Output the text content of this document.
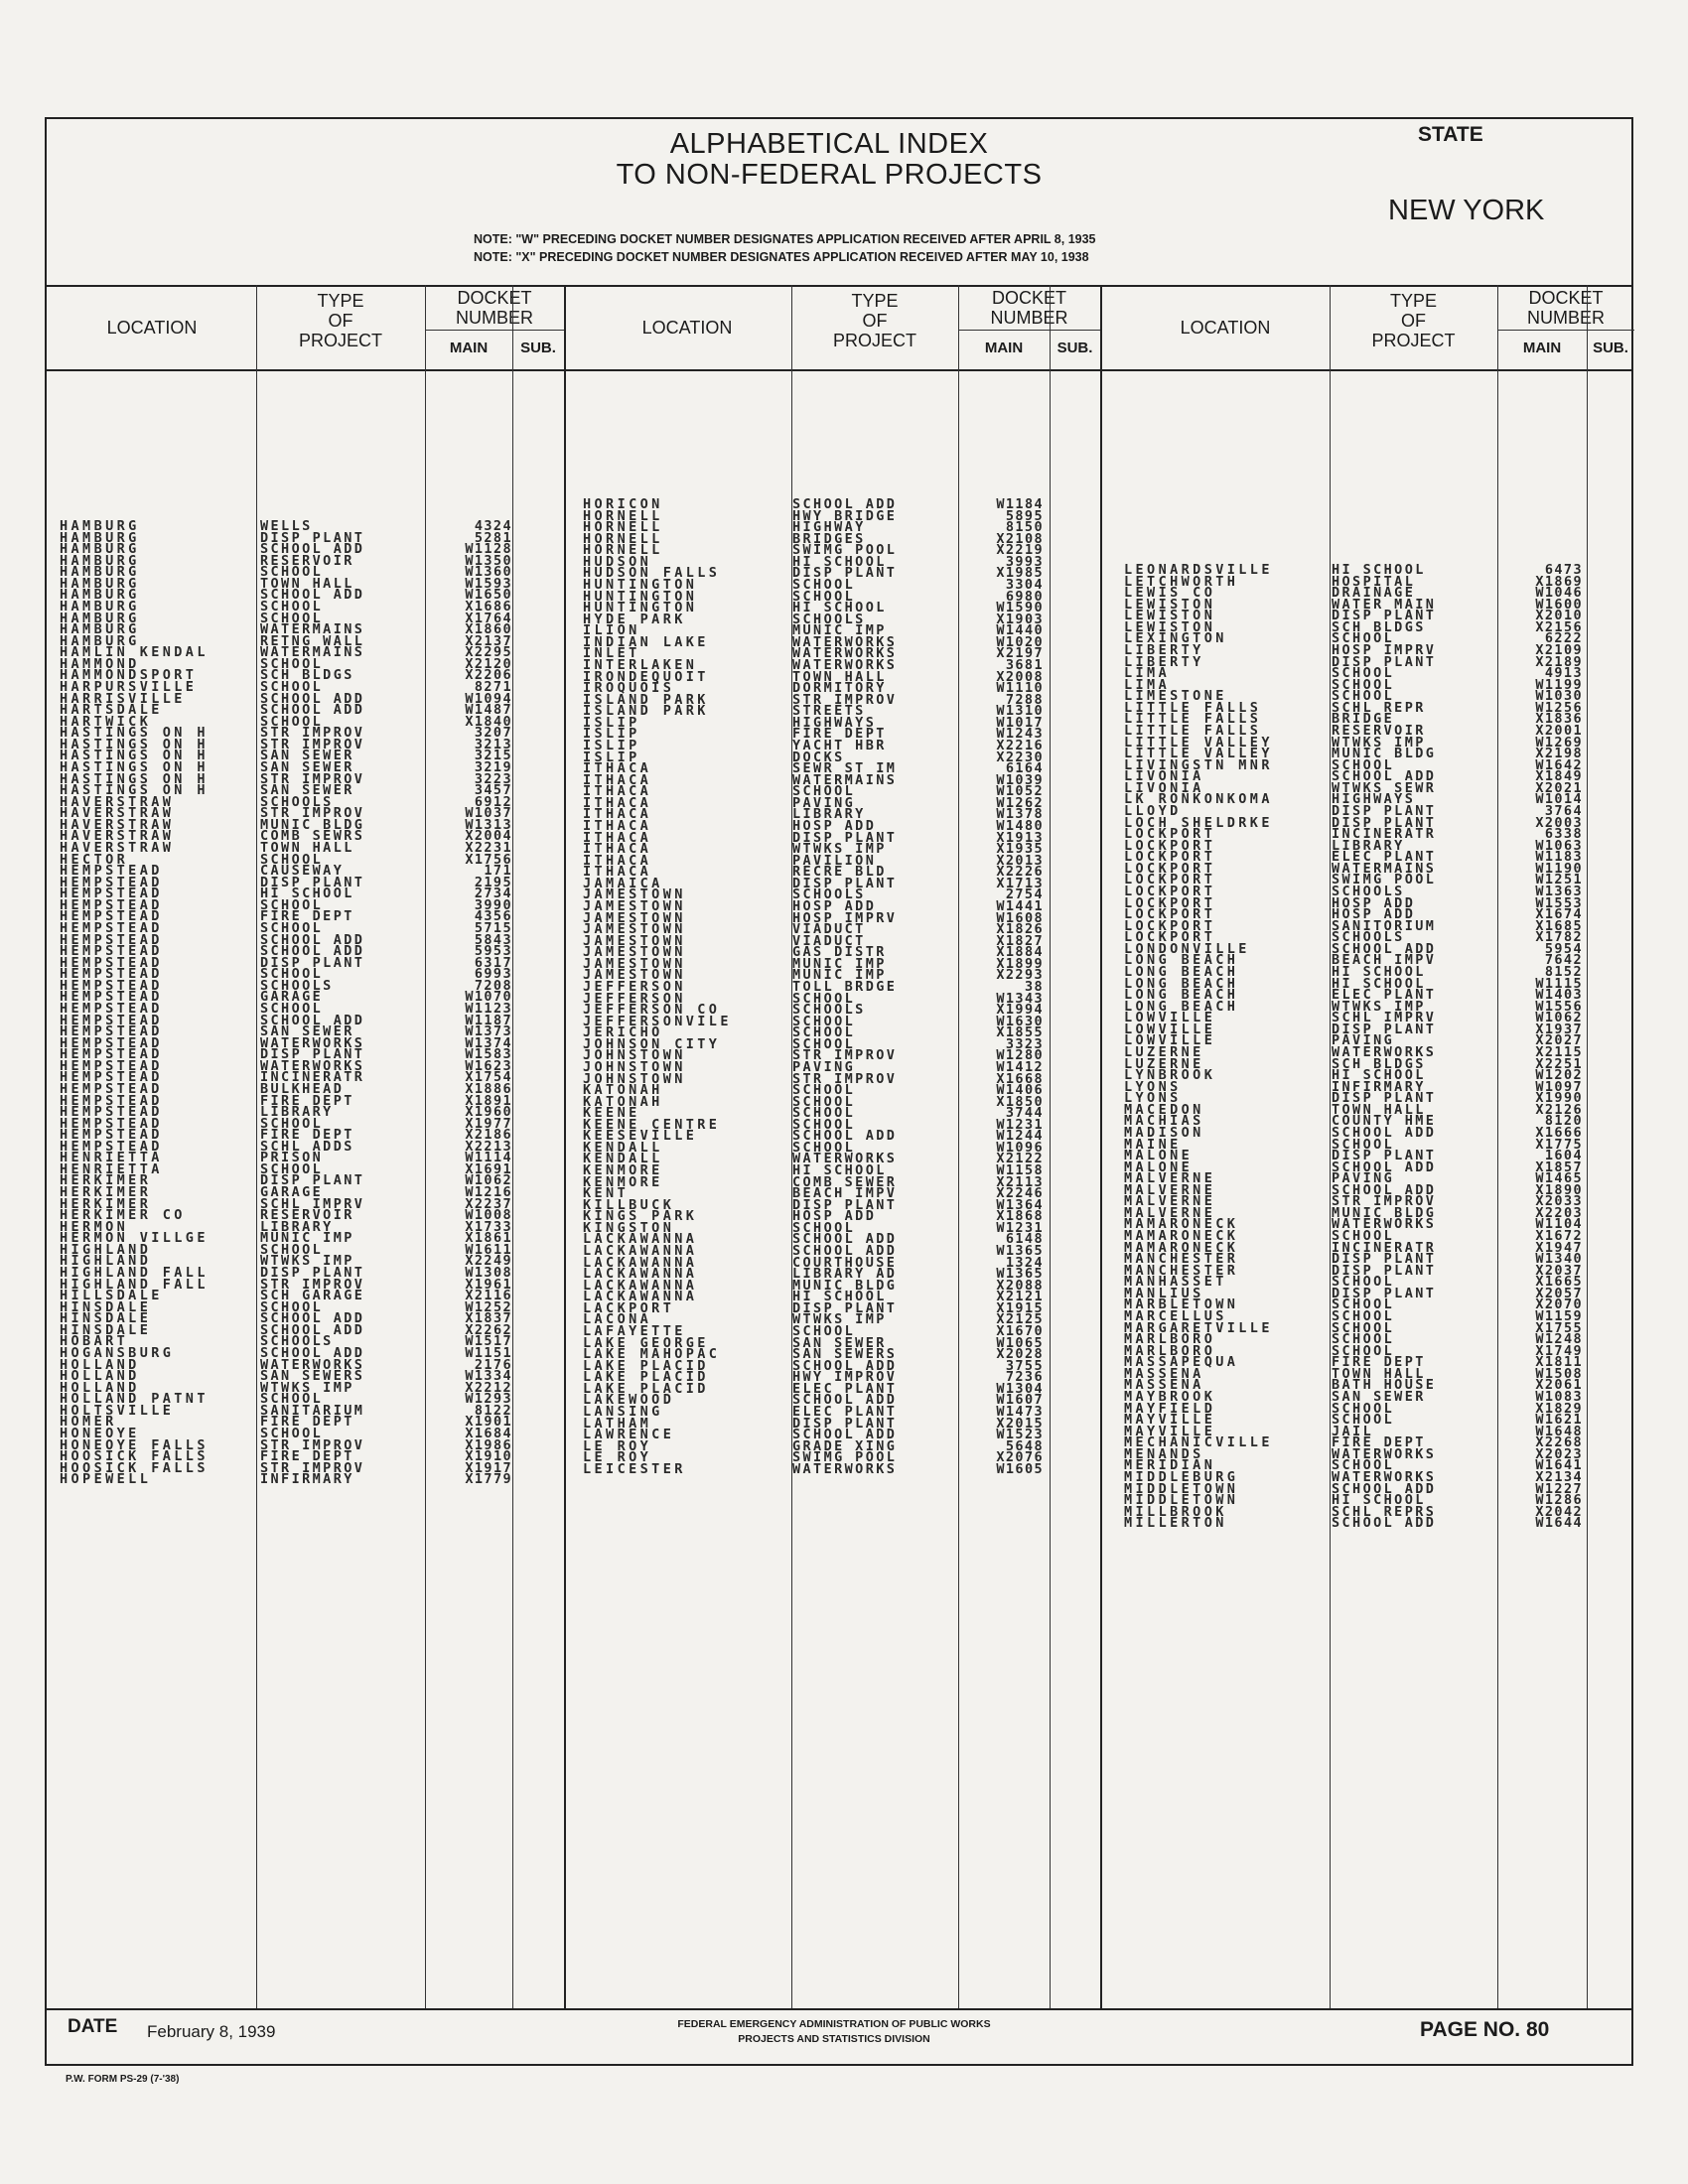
ALPHABETICAL INDEX
TO NON-FEDERAL PROJECTS
STATE
NEW YORK
NOTE: "W" PRECEDING DOCKET NUMBER DESIGNATES APPLICATION RECEIVED AFTER APRIL 8, 1935
NOTE: "X" PRECEDING DOCKET NUMBER DESIGNATES APPLICATION RECEIVED AFTER MAY 10, 1938
LOCATION
TYPE
OF
PROJECT
DOCKET
NUMBER
MAIN	SUB.
LOCATION
TYPE
OF
PROJECT
DOCKET
NUMBER
MAIN	SUB.
LOCATION
TYPE
OF
PROJECT
DOCKET
NUMBER
MAIN	SUB.
HAMBURG	WELLS	4324
HAMBURG	DISP PLANT	5281
HAMBURG	SCHOOL ADD	W1128
HAMBURG	RESERVOIR	W1350
HAMBURG	SCHOOL	W1360
HAMBURG	TOWN HALL	W1593
HAMBURG	SCHOOL ADD	W1650
HAMBURG	SCHOOL	X1686
HAMBURG	SCHOOL	X1764
HAMBURG	WATERMAINS	X1860
HAMBURG	RETNG WALL	X2137
HAMLIN KENDAL	WATERMAINS	X2295
HAMMOND	SCHOOL	X2120
HAMMONDSPORT	SCH BLDGS	X2206
HARPURSVILLE	SCHOOL	8271
HARRISVILLE	SCHOOL ADD	W1094
HARTSDALE	SCHOOL ADD	W1487
HARTWICK	SCHOOL	X1840
HASTINGS ON H	STR IMPROV	3207
HASTINGS ON H	STR IMPROV	3213
HASTINGS ON H	SAN SEWER	3215
HASTINGS ON H	SAN SEWER	3219
HASTINGS ON H	STR IMPROV	3223
HASTINGS ON H	SAN SEWER	3457
HAVERSTRAW	SCHOOLS	6912
HAVERSTRAW	STR IMPROV	W1037
HAVERSTRAW	MUNIC BLDG	W1313
HAVERSTRAW	COMB SEWRS	X2004
HAVERSTRAW	TOWN HALL	X2231
HECTOR	SCHOOL	X1756
HEMPSTEAD	CAUSEWAY	171
HEMPSTEAD	DISP PLANT	2195
HEMPSTEAD	HI SCHOOL	2734
HEMPSTEAD	SCHOOL	3990
HEMPSTEAD	FIRE DEPT	4356
HEMPSTEAD	SCHOOL	5715
HEMPSTEAD	SCHOOL ADD	5843
HEMPSTEAD	SCHOOL ADD	5953
HEMPSTEAD	DISP PLANT	6317
HEMPSTEAD	SCHOOL	6993
HEMPSTEAD	SCHOOLS	7208
HEMPSTEAD	GARAGE	W1070
HEMPSTEAD	SCHOOL	W1123
HEMPSTEAD	SCHOOL ADD	W1187
HEMPSTEAD	SAN SEWER	W1373
HEMPSTEAD	WATERWORKS	W1374
HEMPSTEAD	DISP PLANT	W1583
HEMPSTEAD	WATERWORKS	W1623
HEMPSTEAD	INCINERATR	X1754
HEMPSTEAD	BULKHEAD	X1886
HEMPSTEAD	FIRE DEPT	X1891
HEMPSTEAD	LIBRARY	X1960
HEMPSTEAD	SCHOOL	X1977
HEMPSTEAD	FIRE DEPT	X2186
HEMPSTEAD	SCHL ADDS	X2213
HENRIETTA	PRISON	W1114
HENRIETTA	SCHOOL	X1691
HERKIMER	DISP PLANT	W1062
HERKIMER	GARAGE	W1216
HERKIMER	SCHL IMPRV	X2237
HERKIMER CO	RESERVOIR	W1008
HERMON	LIBRARY	X1733
HERMON VILLGE	MUNIC IMP	X1861
HIGHLAND	SCHOOL	W1611
HIGHLAND	WTWKS IMP	X2249
HIGHLAND FALL	DISP PLANT	W1308
HIGHLAND FALL	STR IMPROV	X1961
HILLSDALE	SCH GARAGE	X2116
HINSDALE	SCHOOL	W1252
HINSDALE	SCHOOL ADD	X1837
HINSDALE	SCHOOL ADD	X2262
HOBART	SCHOOLS	W1517
HOGANSBURG	SCHOOL ADD	W1151
HOLLAND	WATERWORKS	2176
HOLLAND	SAN SEWERS	W1334
HOLLAND	WTWKS IMP	X2212
HOLLAND PATNT	SCHOOL	W1293
HOLTSVILLE	SANITARIUM	8122
HOMER	FIRE DEPT	X1901
HONEOYE	SCHOOL	X1684
HONEOYE FALLS	STR IMPROV	X1986
HOOSICK FALLS	FIRE DEPT	X1910
HOOSICK FALLS	STR IMPROV	X1917
HOPEWELL	INFIRMARY	X1779
HORICON	SCHOOL ADD	W1184
HORNELL	HWY BRIDGE	5895
HORNELL	HIGHWAY	8150
HORNELL	BRIDGES	X2108
HORNELL	SWIMG POOL	X2219
HUDSON	HI SCHOOL	3993
HUDSON FALLS	DISP PLANT	X1985
HUNTINGTON	SCHOOL	3304
HUNTINGTON	SCHOOL	6980
HUNTINGTON	HI SCHOOL	W1590
HYDE PARK	SCHOOLS	X1903
ILION	MUNIC IMP	W1440
INDIAN LAKE	WATERWORKS	W1020
INLET	WATERWORKS	X2197
INTERLAKEN	WATERWORKS	3681
IRONDEQUOIT	TOWN HALL	X2008
IROQUOIS	DORMITORY	W1110
ISLAND PARK	STR IMPROV	7288
ISLAND PARK	STREETS	W1310
ISLIP	HIGHWAYS	W1017
ISLIP	FIRE DEPT	W1243
ISLIP	YACHT HBR	X2216
ISLIP	DOCKS	X2230
ITHACA	SEWR ST IM	6164
ITHACA	WATERMAINS	W1039
ITHACA	SCHOOL	W1052
ITHACA	PAVING	W1262
ITHACA	LIBRARY	W1378
ITHACA	HOSP ADD	W1480
ITHACA	DISP PLANT	X1913
ITHACA	WTWKS IMP	X1935
ITHACA	PAVILION	X2013
ITHACA	RECRE BLD	X2226
JAMAICA	DISP PLANT	X1713
JAMESTOWN	SCHOOLS	2754
JAMESTOWN	HOSP ADD	W1441
JAMESTOWN	HOSP IMPRV	W1608
JAMESTOWN	VIADUCT	X1826
JAMESTOWN	VIADUCT	X1827
JAMESTOWN	GAS DISTR	X1884
JAMESTOWN	MUNIC IMP	X1899
JAMESTOWN	MUNIC IMP	X2293
JEFFERSON	TOLL BRDGE	38
JEFFERSON	SCHOOL	W1343
JEFFERSON CO	SCHOOLS	X1994
JEFFERSONVILE	SCHOOL	W1630
JERICHO	SCHOOL	X1855
JOHNSON CITY	SCHOOL	3323
JOHNSTOWN	STR IMPROV	W1280
JOHNSTOWN	PAVING	W1412
JOHNSTOWN	STR IMPROV	X1668
KATONAH	SCHOOL	W1406
KATONAH	SCHOOL	X1850
KEENE	SCHOOL	3744
KEENE CENTRE	SCHOOL	W1231
KEESEVILLE	SCHOOL ADD	W1244
KENDALL	SCHOOL	W1096
KENDALL	WATERWORKS	X2122
KENMORE	HI SCHOOL	W1158
KENMORE	COMB SEWER	X2113
KENT	BEACH IMPV	X2246
KILLBUCK	DISP PLANT	W1364
KINGS PARK	HOSP ADD	X1868
KINGSTON	SCHOOL	W1231
LACKAWANNA	SCHOOL ADD	6148
LACKAWANNA	SCHOOL ADD	W1365
LACKAWANNA	COURTHOUSE	1324
LACKAWANNA	LIBRARY AD	W1365
LACKAWANNA	MUNIC BLDG	X2088
LACKAWANNA	HI SCHOOL	X2121
LACKPORT	DISP PLANT	X1915
LACONA	WTWKS IMP	X2125
LAFAYETTE	SCHOOL	X1670
LAKE GEORGE	SAN SEWER	W1065
LAKE MAHOPAC	SAN SEWERS	X2028
LAKE PLACID	SCHOOL ADD	3755
LAKE PLACID	HWY IMPROV	7236
LAKE PLACID	ELEC PLANT	W1304
LAKEWOOD	SCHOOL ADD	W1607
LANSING	ELEC PLANT	W1473
LATHAM	DISP PLANT	X2015
LAWRENCE	SCHOOL ADD	W1523
LE ROY	GRADE XING	5648
LE ROY	SWIMG POOL	X2076
LEICESTER	WATERWORKS	W1605
LEONARDSVILLE	HI SCHOOL	6473
LETCHWORTH	HOSPITAL	X1869
LEWIS CO	DRAINAGE	W1046
LEWISTON	WATER MAIN	W1600
LEWISTON	DISP PLANT	X2010
LEWISTON	SCH BLDGS	X2156
LEXINGTON	SCHOOL	6222
LIBERTY	HOSP IMPRV	X2109
LIBERTY	DISP PLANT	X2189
LIMA	SCHOOL	4913
LIMA	SCHOOL	W1199
LIMESTONE	SCHOOL	W1030
LITTLE FALLS	SCHL REPR	W1256
LITTLE FALLS	BRIDGE	X1836
LITTLE FALLS	RESERVOIR	X2001
LITTLE VALLEY	WTWKS IMP	W1269
LITTLE VALLEY	MUNIC BLDG	X2198
LIVINGSTN MNR	SCHOOL	W1642
LIVONIA	SCHOOL ADD	X1849
LIVONIA	WTWKS SEWR	X2021
LK RONKONKOMA	HIGHWAYS	W1014
LLOYD	DISP PLANT	3764
LOCH SHELDRKE	DISP PLANT	X2003
LOCKPORT	INCINERATR	6338
LOCKPORT	LIBRARY	W1063
LOCKPORT	ELEC PLANT	W1183
LOCKPORT	WATERMAINS	W1190
LOCKPORT	SWIMG POOL	W1251
LOCKPORT	SCHOOLS	W1363
LOCKPORT	HOSP ADD	W1553
LOCKPORT	HOSP ADD	X1674
LOCKPORT	SANITORIUM	X1685
LOCKPORT	SCHOOLS	X1782
LONDONVILLE	SCHOOL ADD	5954
LONG BEACH	BEACH IMPV	7642
LONG BEACH	HI SCHOOL	8152
LONG BEACH	HI SCHOOL	W1115
LONG BEACH	ELEC PLANT	W1403
LONG BEACH	WTWKS IMP	W1556
LOWVILLE	SCHL IMPRV	W1062
LOWVILLE	DISP PLANT	X1937
LOWVILLE	PAVING	X2027
LUZERNE	WATERWORKS	X2115
LUZERNE	SCH BLDGS	X2251
LYNBROOK	HI SCHOOL	W1202
LYONS	INFIRMARY	W1097
LYONS	DISP PLANT	X1990
MACEDON	TOWN HALL	X2126
MACHIAS	COUNTY HME	8120
MADISON	SCHOOL ADD	X1666
MAINE	SCHOOL	X1775
MALONE	DISP PLANT	1604
MALONE	SCHOOL ADD	X1857
MALVERNE	PAVING	W1465
MALVERNE	SCHOOL ADD	X1890
MALVERNE	STR IMPROV	X2033
MALVERNE	MUNIC BLDG	X2203
MAMARONECK	WATERWORKS	W1104
MAMARONECK	SCHOOL	X1672
MAMARONECK	INCINERATR	X1947
MANCHESTER	DISP PLANT	W1340
MANCHESTER	DISP PLANT	X2037
MANHASSET	SCHOOL	X1665
MANLIUS	DISP PLANT	X2057
MARBLETOWN	SCHOOL	X2070
MARCELLUS	SCHOOL	W1159
MARGARETVILLE	SCHOOL	X1755
MARLBORO	SCHOOL	W1248
MARLBORO	SCHOOL	X1749
MASSAPEQUA	FIRE DEPT	X1811
MASSENA	TOWN HALL	W1508
MASSENA	BATH HOUSE	X2061
MAYBROOK	SAN SEWER	W1083
MAYFIELD	SCHOOL	X1829
MAYVILLE	SCHOOL	W1621
MAYVILLE	JAIL	W1648
MECHANICVILLE	FIRE DEPT	X2268
MENANDS	WATERWORKS	X2023
MERIDIAN	SCHOOL	W1641
MIDDLEBURG	WATERWORKS	X2134
MIDDLETOWN	SCHOOL ADD	W1227
MIDDLETOWN	HI SCHOOL	W1286
MILLBROOK	SCHL REPRS	X2042
MILLERTON	SCHOOL ADD	W1644
DATE February 8, 1939	FEDERAL EMERGENCY ADMINISTRATION OF PUBLIC WORKS
PROJECTS AND STATISTICS DIVISION	PAGE NO. 80
P.W. FORM PS-29 (7-'38)
